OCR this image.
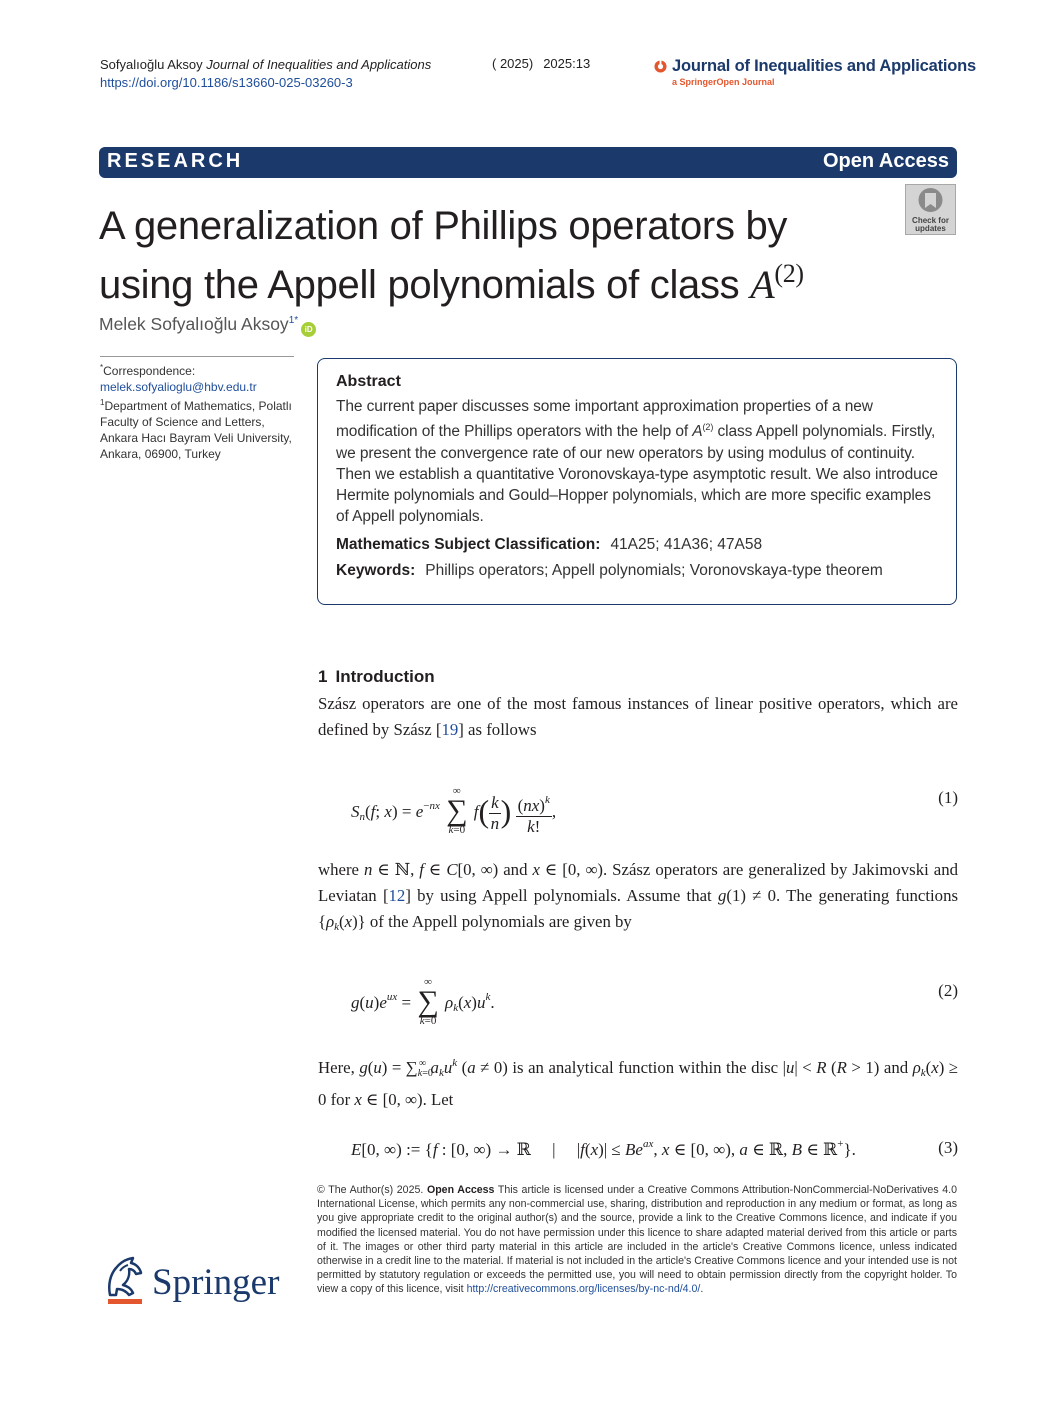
Sofyalıoğlu Aksoy Journal of Inequalities and Applications
https://doi.org/10.1186/s13660-025-03260-3
( 2025) 2025:13	Journal of Inequalities and Applications
a SpringerOpen Journal
RESEARCH	Open Access
Check for updates
A generalization of Phillips operators by
using the Appell polynomials of class $A^{(2)}$
Melek Sofyalıoğlu Aksoy$^{1*}$iD
*Correspondence:
melek.sofyalioglu@hbv.edu.tr
$^1$Department of Mathematics, Polatlı Faculty of Science and Letters, Ankara Hacı Bayram Veli University, Ankara, 06900, Turkey
Abstract
The current paper discusses some important approximation properties of a new modification of the Phillips operators with the help of $A^{(2)}$ class Appell polynomials. Firstly, we present the convergence rate of our new operators by using modulus of continuity. Then we establish a quantitative Voronovskaya-type asymptotic result. We also introduce Hermite polynomials and Gould–Hopper polynomials, which are more specific examples of Appell polynomials.
Mathematics Subject Classification: 41A25; 41A36; 47A58
Keywords: Phillips operators; Appell polynomials; Voronovskaya-type theorem
1 Introduction
Szász operators are one of the most famous instances of linear positive operators, which are defined by Szász [19] as follows
$S_n(f$; $x) = e^{-nx}$
∞
∑
k=0
$f( \frac{k}{n}$ ) $\frac{(nx)^k}{k!}$ ,
(1)
where n ∈ ℕ, f ∈ C[0, ∞) and x ∈ [0, ∞). Szász operators are generalized by Jakimovski and Leviatan [12] by using Appell polynomials. Assume that g(1) ≠ 0. The generating functions $\{\rho_k(x)\}$ of the Appell polynomials are given by
$g(u)e^{ux}$ =
∞
∑
k=0
$\rho_k(x)u^k$.
(2)
Here, $g(u) = \sum_{k=0}^\infty$ $a_ku^k$ (a ≠ 0) is an analytical function within the disc |u| < R (R > 1) and $\rho_k(x) \ge 0$ for x ∈ [0, ∞). Let
E[0, ∞) := {f : [0, ∞) → ℝ     |     $|f(x)| \le Be^{ax}$, x ∈ [0, ∞), a ∈ ℝ, B ∈ ℝ+}.	(3)
© The Author(s) 2025. Open Access This article is licensed under a Creative Commons Attribution-NonCommercial-NoDerivatives 4.0 International License, which permits any non-commercial use, sharing, distribution and reproduction in any medium or format, as long as you give appropriate credit to the original author(s) and the source, provide a link to the Creative Commons licence, and indicate if you modified the licensed material. You do not have permission under this licence to share adapted material derived from this article or parts of it. The images or other third party material in this article are included in the article's Creative Commons licence, unless indicated otherwise in a credit line to the material. If material is not included in the article's Creative Commons licence and your intended use is not permitted by statutory regulation or exceeds the permitted use, you will need to obtain permission directly from the copyright holder. To view a copy of this licence, visit http://creativecommons.org/licenses/by-nc-nd/4.0/.
Springer
